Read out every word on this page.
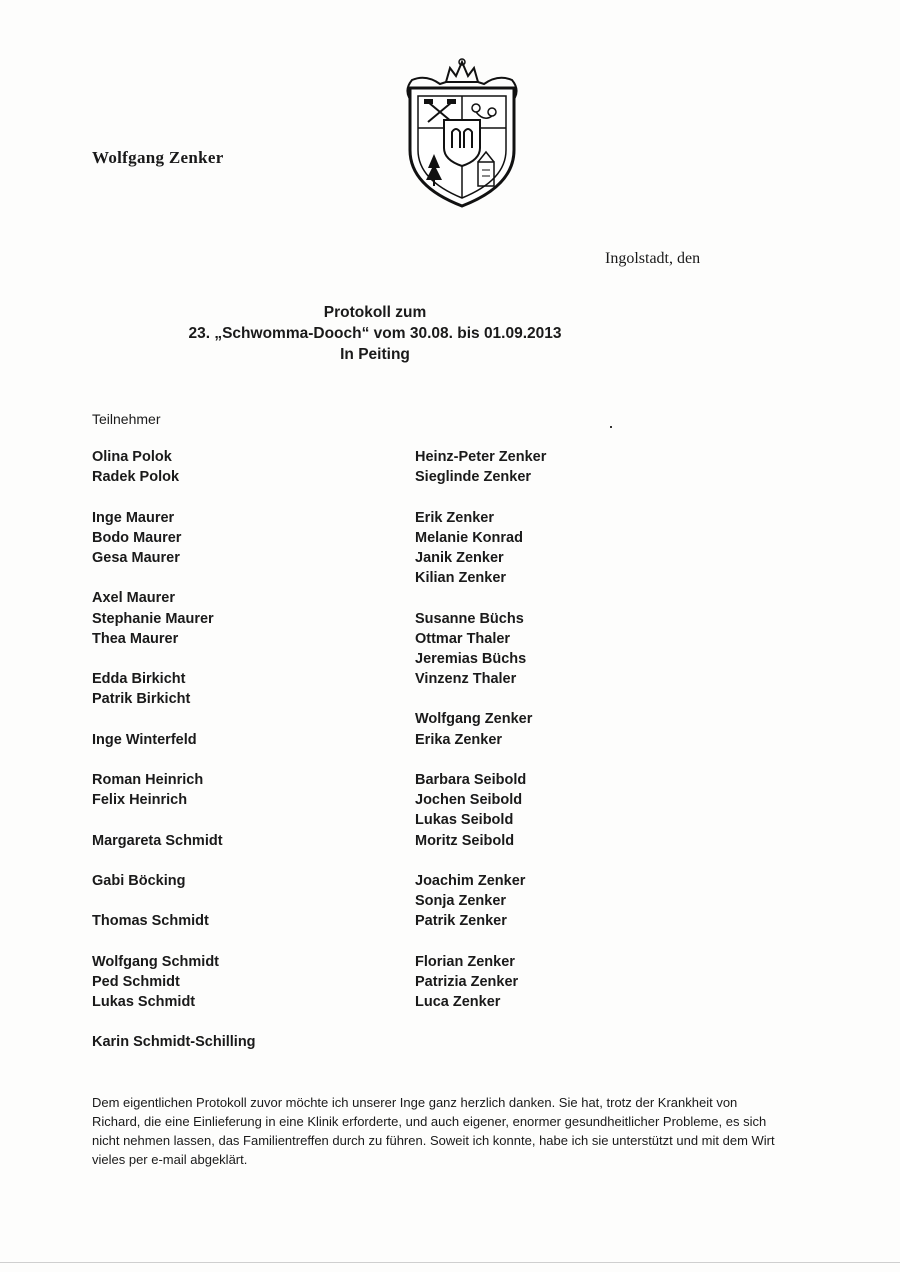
Wolfgang Zenker
Ingolstadt, den
Protokoll zum
23. „Schwomma-Dooch“ vom 30.08. bis 01.09.2013
In Peiting
Teilnehmer
Olina Polok
Radek Polok
Inge Maurer
Bodo Maurer
Gesa Maurer
Axel Maurer
Stephanie Maurer
Thea Maurer
Edda Birkicht
Patrik Birkicht
Inge Winterfeld
Roman Heinrich
Felix Heinrich
Margareta Schmidt
Gabi Böcking
Thomas Schmidt
Wolfgang Schmidt
Ped Schmidt
Lukas Schmidt
Karin Schmidt-Schilling
Heinz-Peter Zenker
Sieglinde Zenker
Erik Zenker
Melanie Konrad
Janik Zenker
Kilian Zenker
Susanne Büchs
Ottmar Thaler
Jeremias Büchs
Vinzenz Thaler
Wolfgang Zenker
Erika Zenker
Barbara Seibold
Jochen Seibold
Lukas Seibold
Moritz Seibold
Joachim Zenker
Sonja Zenker
Patrik Zenker
Florian Zenker
Patrizia Zenker
Luca Zenker
Dem eigentlichen Protokoll zuvor möchte ich unserer Inge ganz herzlich danken. Sie hat, trotz der Krankheit von Richard, die eine Einlieferung in eine Klinik erforderte, und auch eigener, enormer gesundheitlicher Probleme, es sich nicht nehmen lassen, das Familientreffen durch zu führen. Soweit ich konnte, habe ich sie unterstützt und mit dem Wirt vieles per e-mail abgeklärt.
